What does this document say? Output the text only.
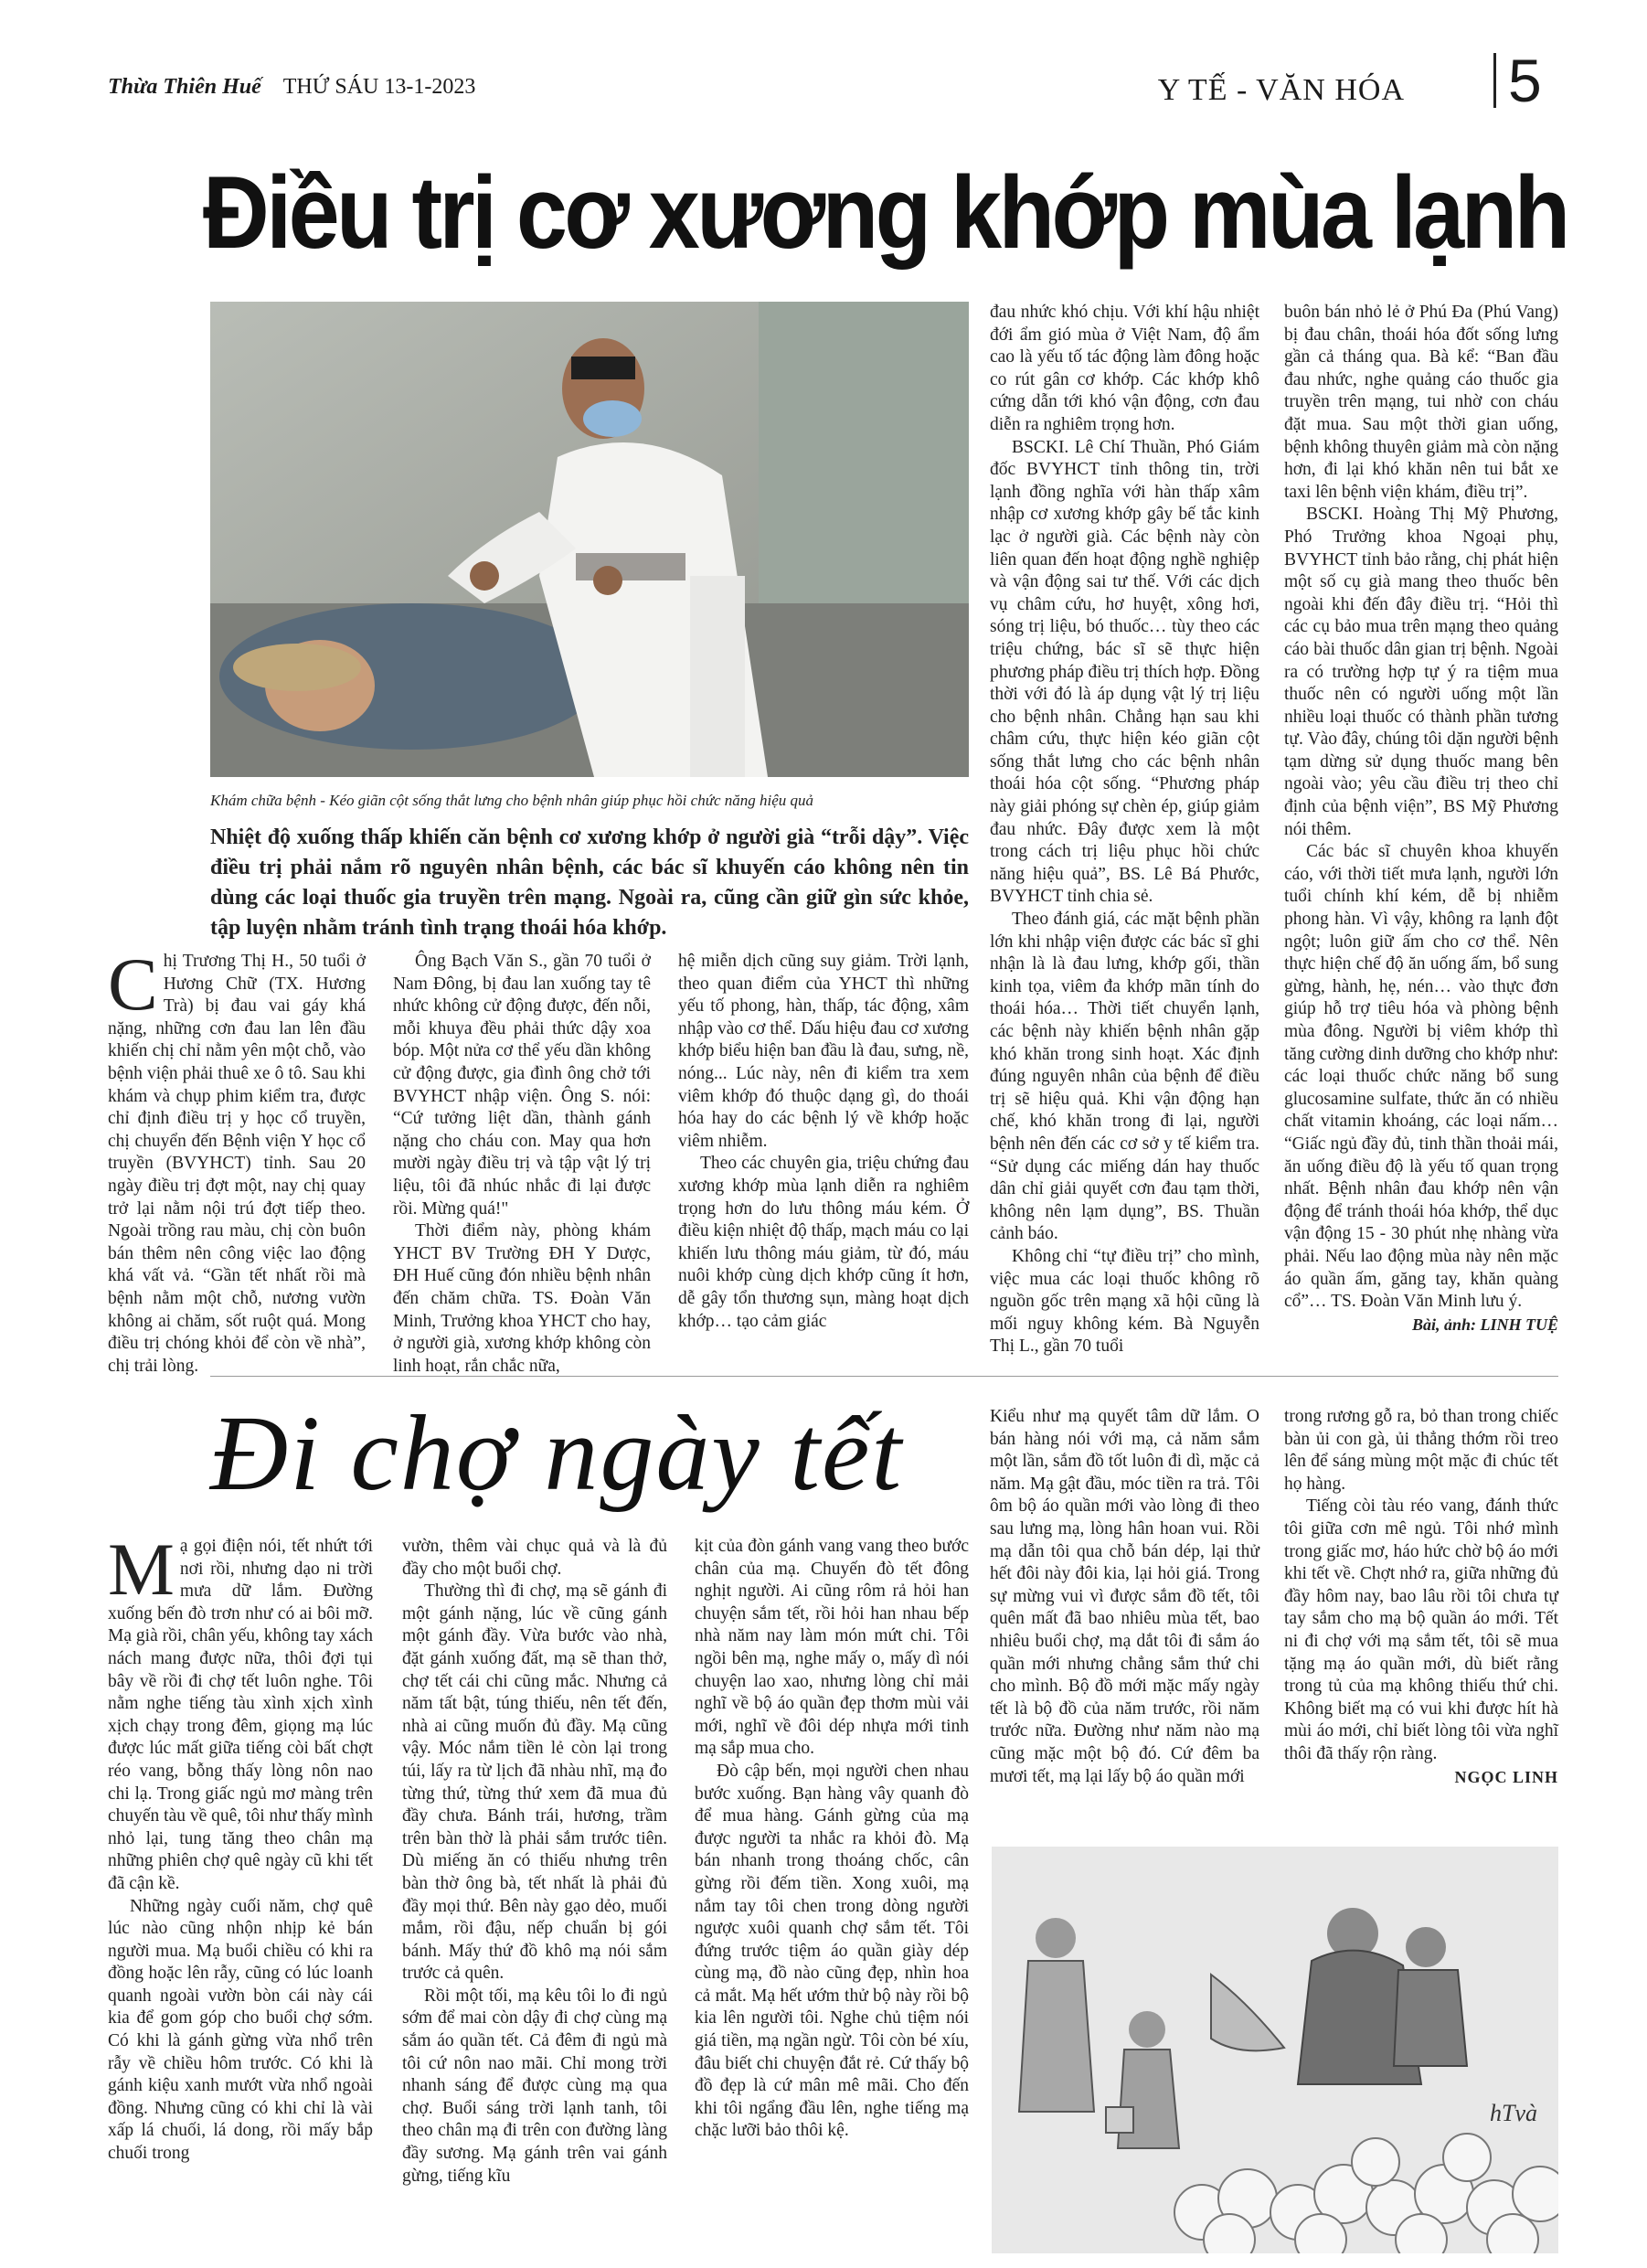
Thừa Thiên Huế THỨ SÁU 13-1-2023	Y TẾ - VĂN HÓA 5
Điều trị cơ xương khớp mùa lạnh
Khám chữa bệnh - Kéo giãn cột sống thắt lưng cho bệnh nhân giúp phục hồi chức năng hiệu quả
Nhiệt độ xuống thấp khiến căn bệnh cơ xương khớp ở người già “trỗi dậy”. Việc điều trị phải nắm rõ nguyên nhân bệnh, các bác sĩ khuyến cáo không nên tin dùng các loại thuốc gia truyền trên mạng. Ngoài ra, cũng cần giữ gìn sức khỏe, tập luyện nhằm tránh tình trạng thoái hóa khớp.
C hị Trương Thị H., 50 tuổi ở Hương Chữ (TX. Hương Trà) bị đau vai gáy khá nặng, những cơn đau lan lên đầu khiến chị chỉ nằm yên một chỗ, vào bệnh viện phải thuê xe ô tô. Sau khi khám và chụp phim kiểm tra, được chỉ định điều trị y học cổ truyền, chị chuyển đến Bệnh viện Y học cổ truyền (BVYHCT) tỉnh. Sau 20 ngày điều trị đợt một, nay chị quay trở lại nằm nội trú đợt tiếp theo. Ngoài trồng rau màu, chị còn buôn bán thêm nên công việc lao động khá vất vả. “Gần tết nhất rồi mà bệnh nằm một chỗ, nương vườn không ai chăm, sốt ruột quá. Mong điều trị chóng khỏi để còn về nhà”, chị trải lòng.

Ông Bạch Văn S., gần 70 tuổi ở Nam Đông, bị đau lan xuống tay tê nhức không cử động được, đến nỗi, mỗi khuya đều phải thức dậy xoa bóp. Một nửa cơ thể yếu dần không cử động được, gia đình ông chở tới BVYHCT nhập viện. Ông S. nói: “Cứ tưởng liệt dần, thành gánh nặng cho cháu con. May qua hơn mười ngày điều trị và tập vật lý trị liệu, tôi đã nhúc nhắc đi lại được rồi. Mừng quá!"

Thời điểm này, phòng khám YHCT BV Trường ĐH Y Dược, ĐH Huế cũng đón nhiều bệnh nhân đến chăm chữa. TS. Đoàn Văn Minh, Trưởng khoa YHCT cho hay, ở người già, xương khớp không còn linh hoạt, rắn chắc nữa,

hệ miễn dịch cũng suy giảm. Trời lạnh, theo quan điểm của YHCT thì những yếu tố phong, hàn, thấp, tác động, xâm nhập vào cơ thể. Dấu hiệu đau cơ xương khớp biểu hiện ban đầu là đau, sưng, nề, nóng... Lúc này, nên đi kiểm tra xem viêm khớp đó thuộc dạng gì, do thoái hóa hay do các bệnh lý về khớp hoặc viêm nhiễm.

Theo các chuyên gia, triệu chứng đau xương khớp mùa lạnh diễn ra nghiêm trọng hơn do lưu thông máu kém. Ở điều kiện nhiệt độ thấp, mạch máu co lại khiến lưu thông máu giảm, từ đó, máu nuôi khớp cùng dịch khớp cũng ít hơn, dễ gây tổn thương sụn, màng hoạt dịch khớp… tạo cảm giác

đau nhức khó chịu. Với khí hậu nhiệt đới ẩm gió mùa ở Việt Nam, độ ẩm cao là yếu tố tác động làm đông hoặc co rút gân cơ khớp. Các khớp khô cứng dẫn tới khó vận động, cơn đau diễn ra nghiêm trọng hơn.

BSCKI. Lê Chí Thuần, Phó Giám đốc BVYHCT tỉnh thông tin, trời lạnh đồng nghĩa với hàn thấp xâm nhập cơ xương khớp gây bế tắc kinh lạc ở người già. Các bệnh này còn liên quan đến hoạt động nghề nghiệp và vận động sai tư thế. Với các dịch vụ châm cứu, hơ huyệt, xông hơi, sóng trị liệu, bó thuốc… tùy theo các triệu chứng, bác sĩ sẽ thực hiện phương pháp điều trị thích hợp. Đồng thời với đó là áp dụng vật lý trị liệu cho bệnh nhân. Chẳng hạn sau khi châm cứu, thực hiện kéo giãn cột sống thắt lưng cho các bệnh nhân thoái hóa cột sống. “Phương pháp này giải phóng sự chèn ép, giúp giảm đau nhức. Đây được xem là một trong cách trị liệu phục hồi chức năng hiệu quả”, BS. Lê Bá Phước, BVYHCT tỉnh chia sẻ.

Theo đánh giá, các mặt bệnh phần lớn khi nhập viện được các bác sĩ ghi nhận là là đau lưng, khớp gối, thần kinh tọa, viêm đa khớp mãn tính do thoái hóa… Thời tiết chuyển lạnh, các bệnh này khiến bệnh nhân gặp khó khăn trong sinh hoạt. Xác định đúng nguyên nhân của bệnh để điều trị sẽ hiệu quả. Khi vận động hạn chế, khó khăn trong đi lại, người bệnh nên đến các cơ sở y tế kiểm tra. “Sử dụng các miếng dán hay thuốc dân chỉ giải quyết cơn đau tạm thời, không nên lạm dụng”, BS. Thuần cảnh báo.

Không chỉ “tự điều trị” cho mình, việc mua các loại thuốc không rõ nguồn gốc trên mạng xã hội cũng là mối nguy không kém. Bà Nguyễn Thị L., gần 70 tuổi

buôn bán nhỏ lẻ ở Phú Đa (Phú Vang) bị đau chân, thoái hóa đốt sống lưng gần cả tháng qua. Bà kể: “Ban đầu đau nhức, nghe quảng cáo thuốc gia truyền trên mạng, tui nhờ con cháu đặt mua. Sau một thời gian uống, bệnh không thuyên giảm mà còn nặng hơn, đi lại khó khăn nên tui bắt xe taxi lên bệnh viện khám, điều trị”.

BSCKI. Hoàng Thị Mỹ Phương, Phó Trưởng khoa Ngoại phụ, BVYHCT tỉnh bảo rằng, chị phát hiện một số cụ già mang theo thuốc bên ngoài khi đến đây điều trị. “Hỏi thì các cụ bảo mua trên mạng theo quảng cáo bài thuốc dân gian trị bệnh. Ngoài ra có trường hợp tự ý ra tiệm mua thuốc nên có người uống một lần nhiều loại thuốc có thành phần tương tự. Vào đây, chúng tôi dặn người bệnh tạm dừng sử dụng thuốc mang bên ngoài vào; yêu cầu điều trị theo chỉ định của bệnh viện”, BS Mỹ Phương nói thêm.

Các bác sĩ chuyên khoa khuyến cáo, với thời tiết mưa lạnh, người lớn tuổi chính khí kém, dễ bị nhiễm phong hàn. Vì vậy, không ra lạnh đột ngột; luôn giữ ấm cho cơ thể. Nên thực hiện chế độ ăn uống ấm, bổ sung gừng, hành, hẹ, nén… vào thực đơn giúp hỗ trợ tiêu hóa và phòng bệnh mùa đông. Người bị viêm khớp thì tăng cường dinh dưỡng cho khớp như: các loại thuốc chức năng bổ sung glucosamine sulfate, thức ăn có nhiều chất vitamin khoáng, các loại nấm… “Giấc ngủ đầy đủ, tinh thần thoải mái, ăn uống điều độ là yếu tố quan trọng nhất. Bệnh nhân đau khớp nên vận động để tránh thoái hóa khớp, thể dục vận động 15 - 30 phút nhẹ nhàng vừa phải. Nếu lao động mùa này nên mặc áo quần ấm, găng tay, khăn quàng cổ”… TS. Đoàn Văn Minh lưu ý.

Bài, ảnh: LINH TUỆ
Đi chợ ngày tết
M ạ gọi điện nói, tết nhứt tới nơi rồi, nhưng dạo ni trời mưa dữ lắm. Đường xuống bến đò trơn như có ai bôi mỡ. Mạ già rồi, chân yếu, không tay xách nách mang được nữa, thôi đợi tụi bây về rồi đi chợ tết luôn nghe. Tôi nằm nghe tiếng tàu xình xịch xình xịch chạy trong đêm, giọng mạ lúc được lúc mất giữa tiếng còi bất chợt réo vang, bỗng thấy lòng nôn nao chi lạ. Trong giấc ngủ mơ màng trên chuyến tàu về quê, tôi như thấy mình nhỏ lại, tung tăng theo chân mạ những phiên chợ quê ngày cũ khi tết đã cận kề.

Những ngày cuối năm, chợ quê lúc nào cũng nhộn nhịp kẻ bán người mua. Mạ buổi chiều có khi ra đồng hoặc lên rẫy, cũng có lúc loanh quanh ngoài vườn bòn cái này cái kia để gom góp cho buổi chợ sớm. Có khi là gánh gừng vừa nhổ trên rẫy về chiều hôm trước. Có khi là gánh kiệu xanh mướt vừa nhổ ngoài đồng. Nhưng cũng có khi chỉ là vài xấp lá chuối, lá dong, rồi mấy bắp chuối trong

vườn, thêm vài chục quả và là đủ đầy cho một buổi chợ.

Thường thì đi chợ, mạ sẽ gánh đi một gánh nặng, lúc về cũng gánh một gánh đầy. Vừa bước vào nhà, đặt gánh xuống đất, mạ sẽ than thở, chợ tết cái chi cũng mắc. Nhưng cả năm tất bật, túng thiếu, nên tết đến, nhà ai cũng muốn đủ đầy. Mạ cũng vậy. Móc nắm tiền lẻ còn lại trong túi, lấy ra từ lịch đã nhàu nhĩ, mạ đo từng thứ, từng thứ xem đã mua đủ đầy chưa. Bánh trái, hương, trầm trên bàn thờ là phải sắm trước tiên. Dù miếng ăn có thiếu nhưng trên bàn thờ ông bà, tết nhất là phải đủ đầy mọi thứ. Bên này gạo dẻo, muối mắm, rồi đậu, nếp chuẩn bị gói bánh. Mấy thứ đồ khô mạ nói sắm trước cả quên.

Rồi một tối, mạ kêu tôi lo đi ngủ sớm để mai còn dậy đi chợ cùng mạ sắm áo quần tết. Cả đêm đi ngủ mà tôi cứ nôn nao mãi. Chỉ mong trời nhanh sáng để được cùng mạ qua chợ. Buổi sáng trời lạnh tanh, tôi theo chân mạ đi trên con đường làng đầy sương. Mạ gánh trên vai gánh gừng, tiếng kĩu

kịt của đòn gánh vang vang theo bước chân của mạ. Chuyến đò tết đông nghịt người. Ai cũng rôm rả hỏi han chuyện sắm tết, rồi hỏi han nhau bếp nhà năm nay làm món mứt chi. Tôi ngồi bên mạ, nghe mấy o, mấy dì nói chuyện lao xao, nhưng lòng chỉ mải nghĩ về bộ áo quần đẹp thơm mùi vải mới, nghĩ về đôi dép nhựa mới tinh mạ sắp mua cho.

Đò cập bến, mọi người chen nhau bước xuống. Bạn hàng vây quanh đò để mua hàng. Gánh gừng của mạ được người ta nhắc ra khỏi đò. Mạ bán nhanh trong thoáng chốc, cân gừng rồi đếm tiền. Xong xuôi, mạ nắm tay tôi chen trong dòng người ngược xuôi quanh chợ sắm tết. Tôi đứng trước tiệm áo quần giày dép cùng mạ, đồ nào cũng đẹp, nhìn hoa cả mắt. Mạ hết ướm thử bộ này rồi bộ kia lên người tôi. Nghe chủ tiệm nói giá tiền, mạ ngần ngừ. Tôi còn bé xíu, đâu biết chi chuyện đắt rẻ. Cứ thấy bộ đồ đẹp là cứ mân mê mãi. Cho đến khi tôi ngẩng đầu lên, nghe tiếng mạ chặc lưỡi bảo thôi kệ.

Kiểu như mạ quyết tâm dữ lắm. O bán hàng nói với mạ, cả năm sắm một lần, sắm đồ tốt luôn đi dì, mặc cả năm. Mạ gật đầu, móc tiền ra trả. Tôi ôm bộ áo quần mới vào lòng đi theo sau lưng mạ, lòng hân hoan vui. Rồi mạ dẫn tôi qua chỗ bán dép, lại thử hết đôi này đôi kia, lại hỏi giá. Trong sự mừng vui vì được sắm đồ tết, tôi quên mất đã bao nhiêu mùa tết, bao nhiêu buổi chợ, mạ dắt tôi đi sắm áo quần mới nhưng chẳng sắm thứ chi cho mình. Bộ đồ mới mặc mấy ngày tết là bộ đồ của năm trước, rồi năm trước nữa. Đường như năm nào mạ cũng mặc một bộ đó. Cứ đêm ba mươi tết, mạ lại lấy bộ áo quần mới

trong rương gỗ ra, bỏ than trong chiếc bàn ủi con gà, ủi thẳng thớm rồi treo lên để sáng mùng một mặc đi chúc tết họ hàng.

Tiếng còi tàu réo vang, đánh thức tôi giữa cơn mê ngủ. Tôi nhớ mình trong giấc mơ, háo hức chờ bộ áo mới khi tết về. Chợt nhớ ra, giữa những đủ đầy hôm nay, bao lâu rồi tôi chưa tự tay sắm cho mạ bộ quần áo mới. Tết ni đi chợ với mạ sắm tết, tôi sẽ mua tặng mạ áo quần mới, dù biết rằng trong tủ của mạ không thiếu thứ chi. Không biết mạ có vui khi được hít hà mùi áo mới, chỉ biết lòng tôi vừa nghĩ thôi đã thấy rộn ràng.

NGỌC LINH
hTvà
